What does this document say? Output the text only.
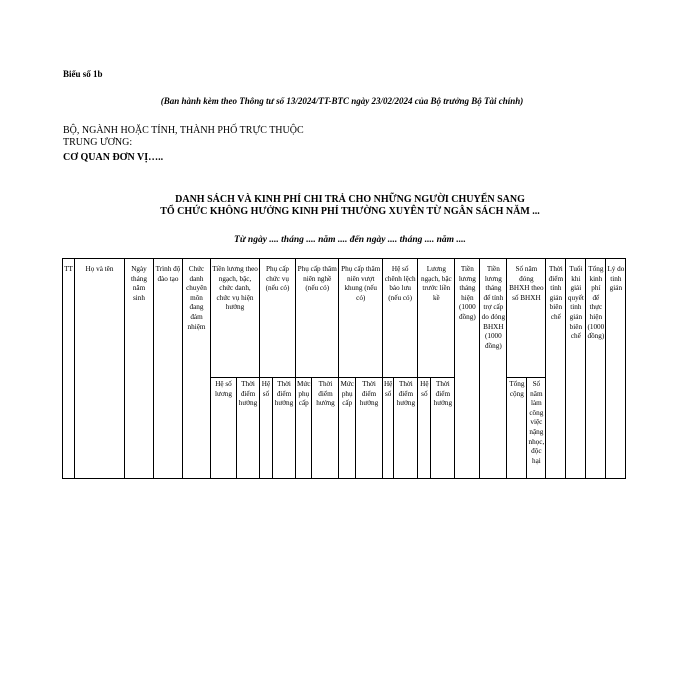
Biểu số 1b
(Ban hành kèm theo Thông tư số 13/2024/TT-BTC ngày 23/02/2024 của Bộ trưởng Bộ Tài chính)
BỘ, NGÀNH HOẶC TỈNH, THÀNH PHỐ TRỰC THUỘC
TRUNG ƯƠNG:
CƠ QUAN ĐƠN VỊ…..
DANH SÁCH VÀ KINH PHÍ CHI TRẢ CHO NHỮNG NGƯỜI CHUYỂN SANG
TỔ CHỨC KHÔNG HƯỞNG KINH PHÍ THƯỜNG XUYÊN TỪ NGÂN SÁCH NĂM ...
Từ ngày .... tháng .... năm .... đến ngày .... tháng .... năm ....
TT	Họ và tên	Ngày tháng năm sinh	Trình độ đào tạo	Chức danh chuyên môn đang đảm nhiệm	Tiền lương theo ngạch, bậc, chức danh, chức vụ hiện hưởng		Phụ cấp chức vụ (nếu có)		Phụ cấp thâm niên nghề (nếu có)		Phụ cấp thâm niên vượt khung (nếu có)		Hệ số chênh lệch bảo lưu (nếu có)		Lương ngạch, bậc trước liền kề		Tiền lương tháng hiện (1000 đồng)	Tiền lương tháng để tính trợ cấp do đóng BHXH (1000 đồng)	Số năm đóng BHXH theo số BHXH		Thời điểm tính giản biên chế	Tuổi khi giải quyết tinh giản biên chế	Tổng kinh phí để thực hiện (1000 đồng)	Lý do tinh giản
					Hệ số lương	Thời điểm hưởng	Hệ số	Thời điểm hưởng	Mức phụ cấp	Thời điểm hưởng	Mức phụ cấp	Thời điểm hưởng	Hệ số	Thời điểm hưởng	Hệ số	Thời điểm hưởng			Tổng cộng	Số năm làm công việc nặng nhọc, độc hại				
